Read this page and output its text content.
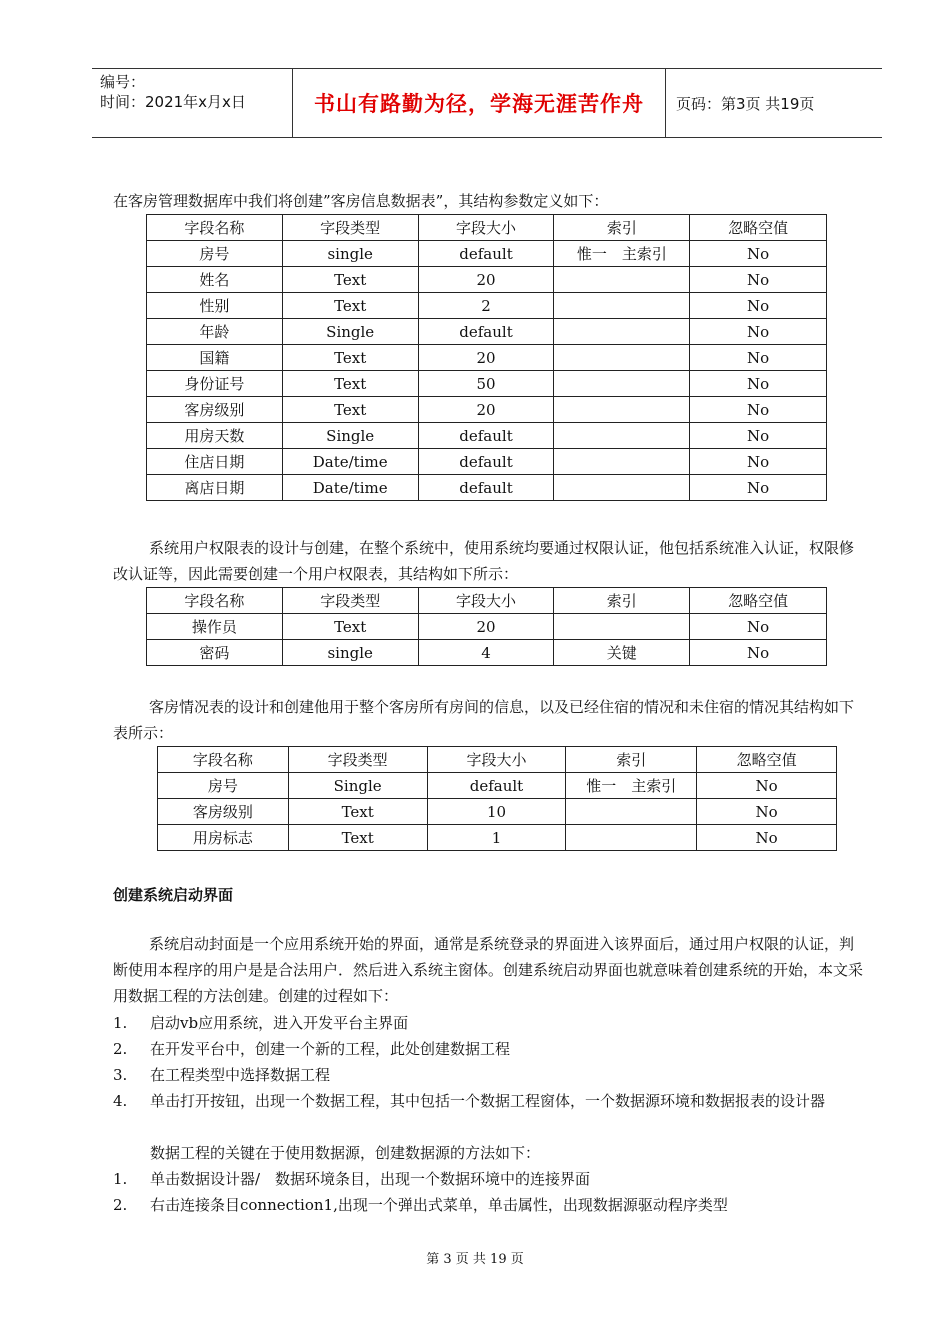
编号：
时间：2021年x月x日	书山有路勤为径，学海无涯苦作舟	页码：第3页 共19页
在客房管理数据库中我们将创建”客房信息数据表”，其结构参数定义如下：
字段名称	字段类型	字段大小	索引	忽略空值
房号	single	default	惟一　主索引	No
姓名	Text	20		No
性别	Text	2		No
年龄	Single	default		No
国籍	Text	20		No
身份证号	Text	50		No
客房级别	Text	20		No
用房天数	Single	default		No
住店日期	Date/time	default		No
离店日期	Date/time	default		No
系统用户权限表的设计与创建，在整个系统中，使用系统均要通过权限认证，他包括系统准入认证，权限修改认证等，因此需要创建一个用户权限表，其结构如下所示：
字段名称	字段类型	字段大小	索引	忽略空值
操作员	Text	20		No
密码	single	4	关键	No
客房情况表的设计和创建他用于整个客房所有房间的信息，以及已经住宿的情况和未住宿的情况其结构如下表所示：
字段名称	字段类型	字段大小	索引	忽略空值
房号	Single	default	惟一　主索引	No
客房级别	Text	10		No
用房标志	Text	1		No
创建系统启动界面
系统启动封面是一个应用系统开始的界面，通常是系统登录的界面进入该界面后，通过用户权限的认证，判断使用本程序的用户是是合法用户．然后进入系统主窗体。创建系统启动界面也就意味着创建系统的开始，本文采用数据工程的方法创建。创建的过程如下：
1. 启动vb应用系统，进入开发平台主界面
2. 在开发平台中，创建一个新的工程，此处创建数据工程
3. 在工程类型中选择数据工程
4. 单击打开按钮，出现一个数据工程，其中包括一个数据工程窗体，一个数据源环境和数据报表的设计器
数据工程的关键在于使用数据源，创建数据源的方法如下：
1. 单击数据设计器/　数据环境条目，出现一个数据环境中的连接界面
2. 右击连接条目connection1,出现一个弹出式菜单，单击属性，出现数据源驱动程序类型
第 3 页 共 19 页
